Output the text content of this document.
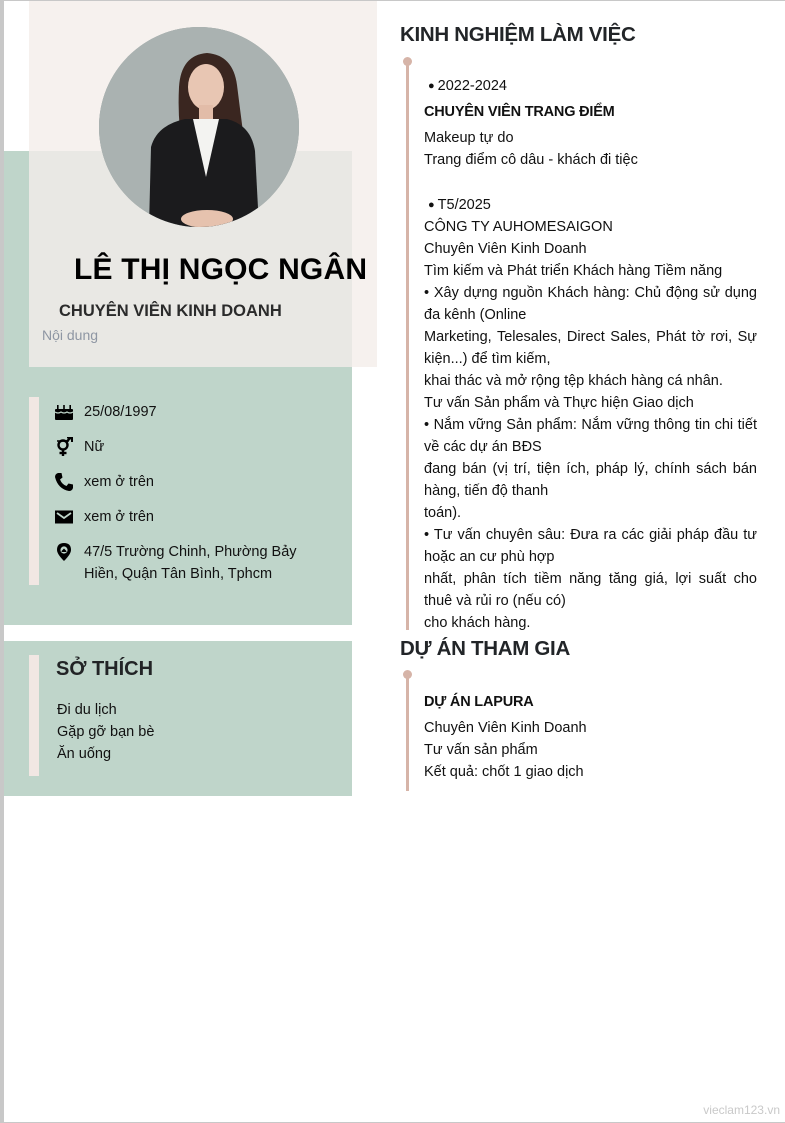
LÊ THỊ NGỌC NGÂN
CHUYÊN VIÊN KINH DOANH
Nội dung
25/08/1997
Nữ
xem ở trên
xem ở trên
47/5 Trường Chinh, Phường Bảy Hiền, Quận Tân Bình, Tphcm
SỞ THÍCH
Đi du lịch
Gặp gỡ bạn bè
Ăn uống
KINH NGHIỆM LÀM VIỆC
● 2022-2024
CHUYÊN VIÊN TRANG ĐIỂM
Makeup tự do
Trang điểm cô dâu - khách đi tiệc
● T5/2025
CÔNG TY AUHOMESAIGON
Chuyên Viên Kinh Doanh
Tìm kiếm và Phát triển Khách hàng Tiềm năng
• Xây dựng nguồn Khách hàng: Chủ động sử dụng đa kênh (Online
Marketing, Telesales, Direct Sales, Phát tờ rơi, Sự kiện...) để tìm kiếm,
khai thác và mở rộng tệp khách hàng cá nhân.
Tư vấn Sản phẩm và Thực hiện Giao dịch
• Nắm vững Sản phẩm: Nắm vững thông tin chi tiết về các dự án BĐS
đang bán (vị trí, tiện ích, pháp lý, chính sách bán hàng, tiến độ thanh
toán).
• Tư vấn chuyên sâu: Đưa ra các giải pháp đầu tư hoặc an cư phù hợp
nhất, phân tích tiềm năng tăng giá, lợi suất cho thuê và rủi ro (nếu có)
cho khách hàng.
DỰ ÁN THAM GIA
DỰ ÁN LAPURA
Chuyên Viên Kinh Doanh
Tư vấn sản phẩm
Kết quả: chốt 1 giao dịch
vieclam123.vn
